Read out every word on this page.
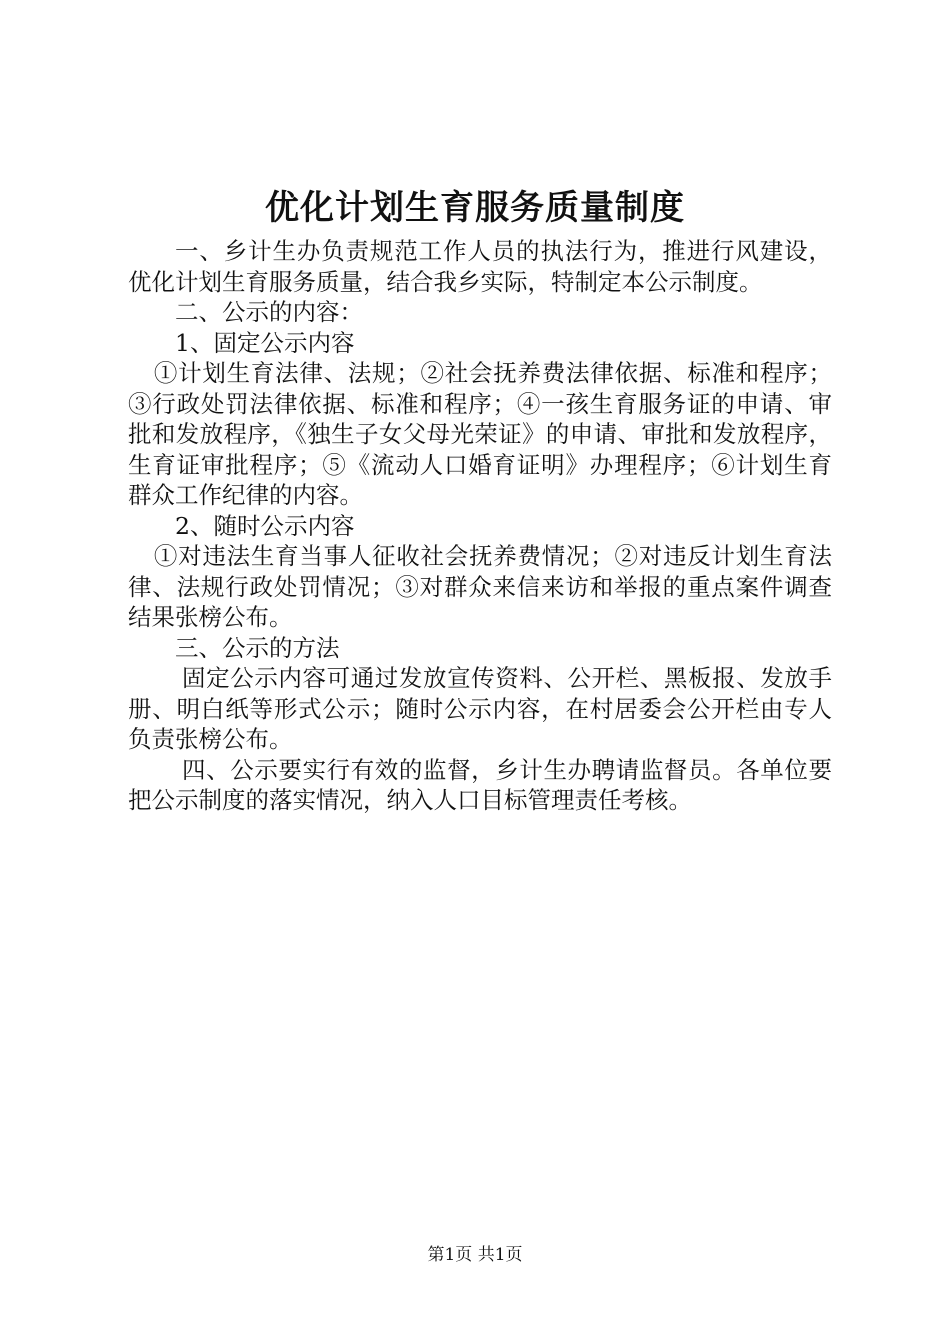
优化计划生育服务质量制度

一、乡计生办负责规范工作人员的执法行为，推进行风建设，优化计划生育服务质量，结合我乡实际，特制定本公示制度。

二、公示的内容：

1、固定公示内容

①计划生育法律、法规；②社会抚养费法律依据、标准和程序；③行政处罚法律依据、标准和程序；④一孩生育服务证的申请、审批和发放程序，《独生子女父母光荣证》的申请、审批和发放程序，生育证审批程序；⑤《流动人口婚育证明》办理程序；⑥计划生育群众工作纪律的内容。

2、随时公示内容

①对违法生育当事人征收社会抚养费情况；②对违反计划生育法律、法规行政处罚情况；③对群众来信来访和举报的重点案件调查结果张榜公布。

三、公示的方法

固定公示内容可通过发放宣传资料、公开栏、黑板报、发放手册、明白纸等形式公示；随时公示内容，在村居委会公开栏由专人负责张榜公布。

四、公示要实行有效的监督，乡计生办聘请监督员。各单位要把公示制度的落实情况，纳入人口目标管理责任考核。

第1页 共1页
